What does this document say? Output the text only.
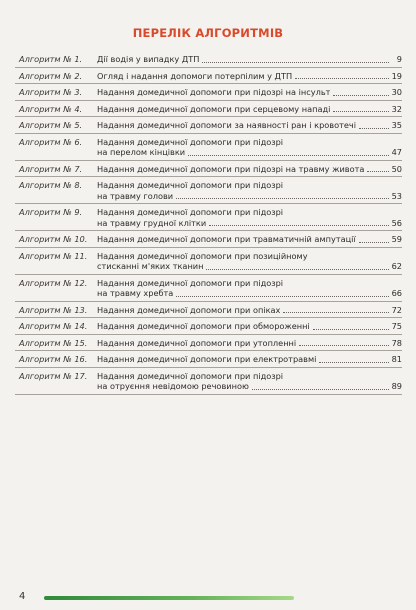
ПЕРЕЛІК АЛГОРИТМІВ
Алгоритм № 1.	Дії водія у випадку ДТП	9
Алгоритм № 2.	Огляд і надання допомоги потерпілим у ДТП	19
Алгоритм № 3.	Надання домедичної допомоги при підозрі на інсульт	30
Алгоритм № 4.	Надання домедичної допомоги при серцевому нападі	32
Алгоритм № 5.	Надання домедичної допомоги за наявності ран і кровотечі	35
Алгоритм № 6.	Надання домедичної допомоги при підозрі
на перелом кінцівки	47
Алгоритм № 7.	Надання домедичної допомоги при підозрі на травму живота	50
Алгоритм № 8.	Надання домедичної допомоги при підозрі
на травму голови	53
Алгоритм № 9.	Надання домедичної допомоги при підозрі
на травму грудної клітки	56
Алгоритм № 10.	Надання домедичної допомоги при травматичній ампутації	59
Алгоритм № 11.	Надання домедичної допомоги при позиційному
стисканні м'яких тканин	62
Алгоритм № 12.	Надання домедичної допомоги при підозрі
на травму хребта	66
Алгоритм № 13.	Надання домедичної допомоги при опіках	72
Алгоритм № 14.	Надання домедичної допомоги при обмороженні	75
Алгоритм № 15.	Надання домедичної допомоги при утопленні	78
Алгоритм № 16.	Надання домедичної допомоги при електротравмі	81
Алгоритм № 17.	Надання домедичної допомоги при підозрі
на отруєння невідомою речовиною	89
4
